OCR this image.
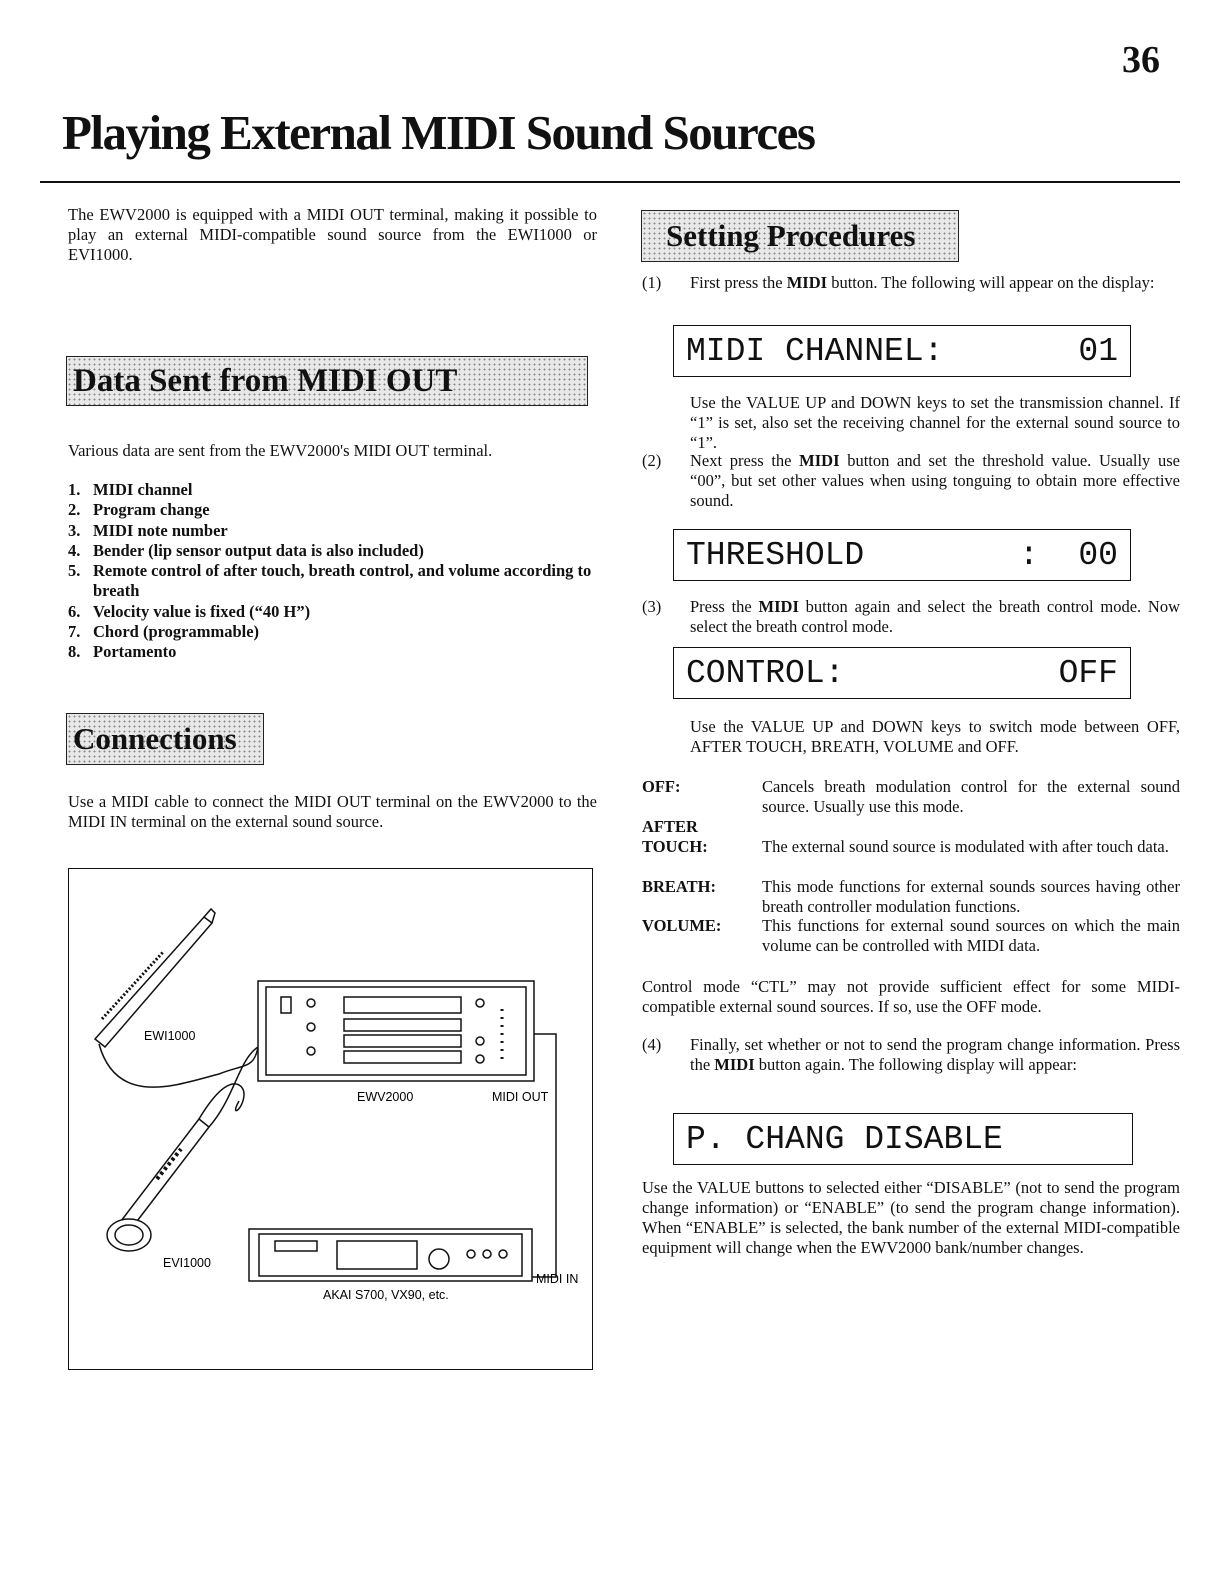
36
Playing External MIDI Sound Sources
The EWV2000 is equipped with a MIDI OUT terminal, making it possible to play an external MIDI-compatible sound source from the EWI1000 or EVI1000.
Data Sent from MIDI OUT
Various data are sent from the EWV2000's MIDI OUT terminal.
1. MIDI channel
2. Program change
3. MIDI note number
4. Bender (lip sensor output data is also included)
5. Remote control of after touch, breath control, and volume according to breath
6. Velocity value is fixed (“40 H”)
7. Chord (programmable)
8. Portamento
Connections
Use a MIDI cable to connect the MIDI OUT terminal on the EWV2000 to the MIDI IN terminal on the external sound source.
EWI1000
EVI1000
EWV2000	MIDI OUT
MIDI IN
AKAI S700, VX90, etc.
Setting Procedures
(1) First press the MIDI button. The following will appear on the display:
MIDI CHANNEL:	01
Use the VALUE UP and DOWN keys to set the transmission channel. If “1” is set, also set the receiving channel for the external sound source to “1”.
(2) Next press the MIDI button and set the threshold value. Usually use “00”, but set other values when using tonguing to obtain more effective sound.
THRESHOLD	:  00
(3) Press the MIDI button again and select the breath control mode. Now select the breath control mode.
CONTROL:	OFF
Use the VALUE UP and DOWN keys to switch mode between OFF, AFTER TOUCH, BREATH, VOLUME and OFF.
OFF:	Cancels breath modulation control for the external sound source. Usually use this mode.
AFTER TOUCH:	The external sound source is modulated with after touch data.
BREATH:	This mode functions for external sounds sources having other breath controller modulation functions.
VOLUME: This functions for external sound sources on which the main volume can be controlled with MIDI data.
Control mode “CTL” may not provide sufficient effect for some MIDI-compatible external sound sources. If so, use the OFF mode.
(4) Finally, set whether or not to send the program change information. Press the MIDI button again. The following display will appear:
P. CHANG DISABLE
Use the VALUE buttons to selected either “DISABLE” (not to send the program change information) or “ENABLE” (to send the program change information). When “ENABLE” is selected, the bank number of the external MIDI-compatible equipment will change when the EWV2000 bank/number changes.
